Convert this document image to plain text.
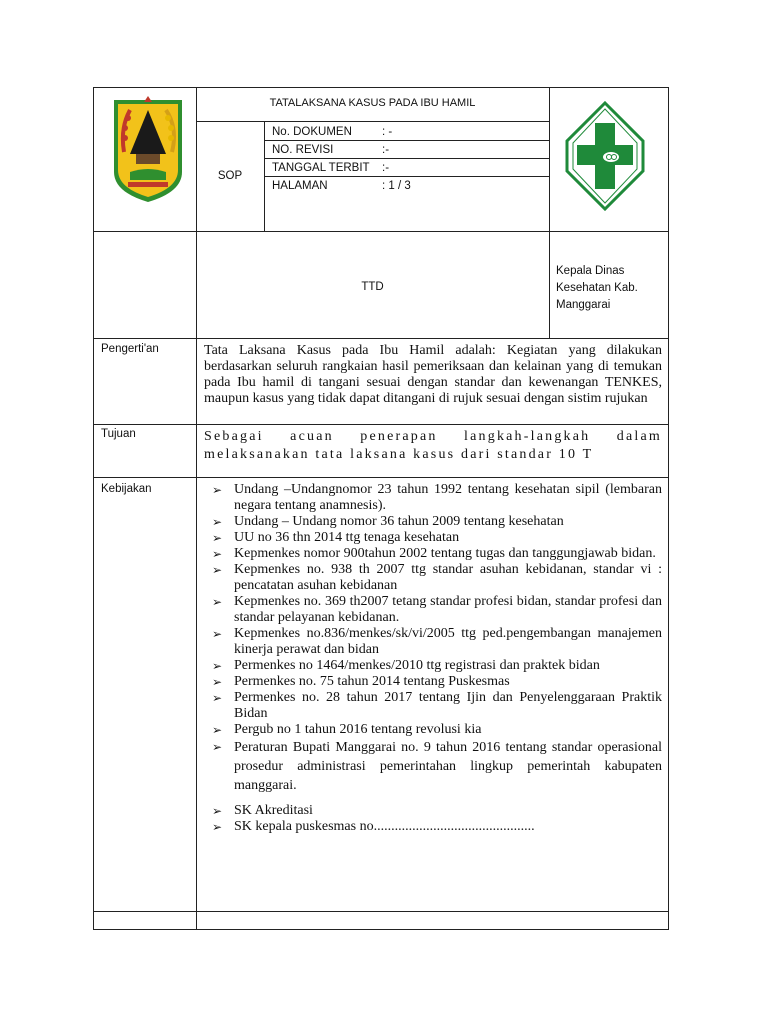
TATALAKSANA KASUS PADA IBU HAMIL
SOP
No. DOKUMEN	: -
NO. REVISI	:-
TANGGAL TERBIT :-
HALAMAN	: 1 / 3
TTD
Kepala Dinas
Kesehatan Kab.
Manggarai
Pengerti'an	Tata Laksana Kasus pada Ibu Hamil adalah: Kegiatan yang dilakukan berdasarkan seluruh rangkaian hasil pemeriksaan dan kelainan yang di temukan pada Ibu hamil di tangani sesuai dengan standar dan kewenangan TENKES, maupun kasus yang tidak dapat ditangani di rujuk sesuai dengan sistim rujukan
Tujuan	Sebagai acuan penerapan langkah-langkah dalam melaksanakan tata laksana kasus dari standar 10 T
Kebijakan	➢ Undang –Undangnomor 23 tahun 1992 tentang kesehatan sipil (lembaran negara tentang anamnesis).
➢ Undang – Undang nomor 36 tahun 2009 tentang kesehatan
➢ UU no 36 thn 2014 ttg tenaga kesehatan
➢ Kepmenkes nomor 900tahun 2002 tentang tugas dan tanggungjawab bidan.
➢ Kepmenkes no. 938 th 2007 ttg standar asuhan kebidanan, standar vi : pencatatan asuhan kebidanan
➢ Kepmenkes no. 369 th2007 tetang standar profesi bidan, standar profesi dan standar pelayanan kebidanan.
➢ Kepmenkes no.836/menkes/sk/vi/2005 ttg ped.pengembangan manajemen kinerja perawat dan bidan
➢ Permenkes no 1464/menkes/2010 ttg registrasi dan praktek bidan
➢ Permenkes no. 75 tahun 2014 tentang Puskesmas
➢ Permenkes no. 28 tahun 2017 tentang Ijin dan Penyelenggaraan Praktik Bidan
➢ Pergub no 1 tahun 2016 tentang revolusi kia
➢ Peraturan Bupati Manggarai no. 9 tahun 2016 tentang standar operasional prosedur administrasi pemerintahan lingkup pemerintah kabupaten manggarai.
➢ SK Akreditasi
➢ SK kepala puskesmas no..............................................
